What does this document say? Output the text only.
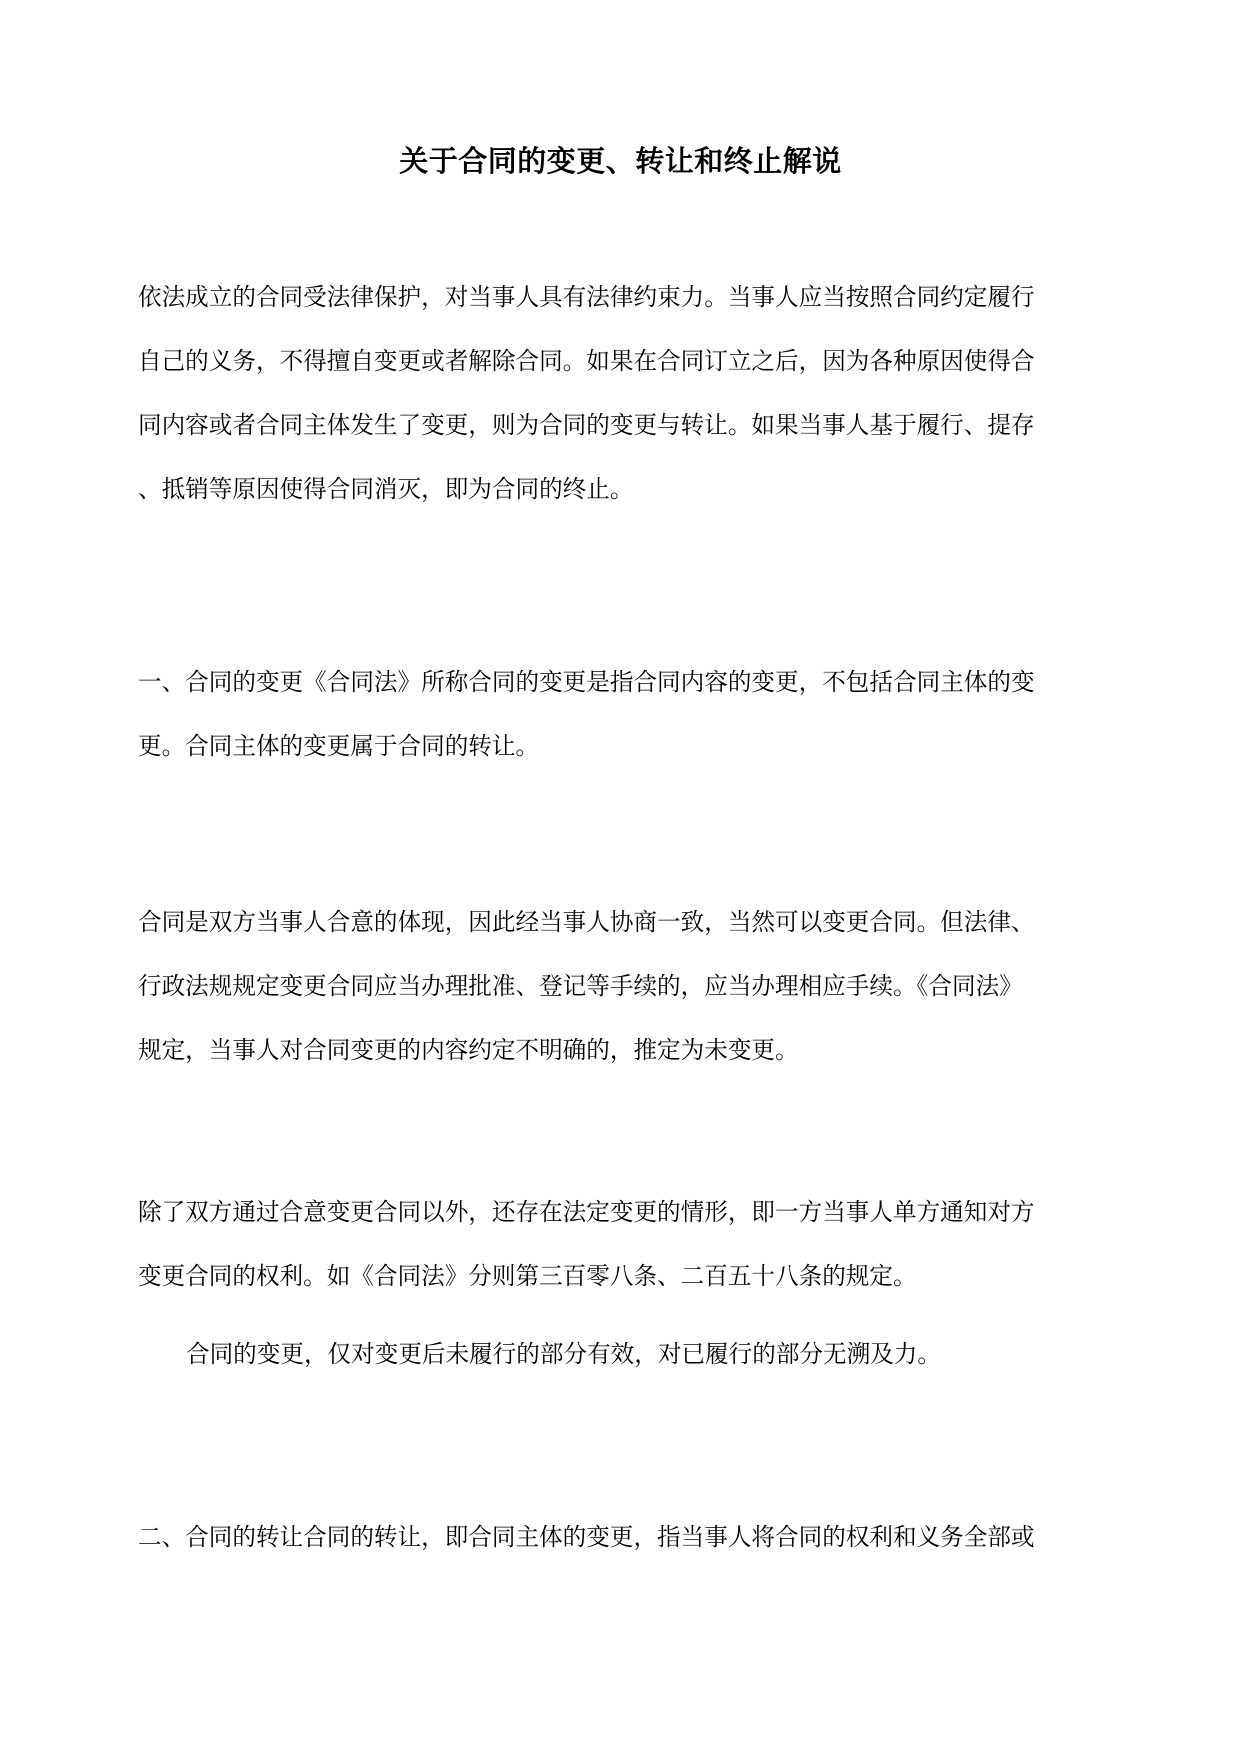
关于合同的变更、转让和终止解说
依法成立的合同受法律保护，对当事人具有法律约束力。当事人应当按照合同约定履行
自己的义务，不得擅自变更或者解除合同。如果在合同订立之后，因为各种原因使得合
同内容或者合同主体发生了变更，则为合同的变更与转让。如果当事人基于履行、提存
、抵销等原因使得合同消灭，即为合同的终止。
一、合同的变更《合同法》所称合同的变更是指合同内容的变更，不包括合同主体的变
更。合同主体的变更属于合同的转让。
合同是双方当事人合意的体现，因此经当事人协商一致，当然可以变更合同。但法律、
行政法规规定变更合同应当办理批准、登记等手续的，应当办理相应手续。《合同法》
规定，当事人对合同变更的内容约定不明确的，推定为未变更。
除了双方通过合意变更合同以外，还存在法定变更的情形，即一方当事人单方通知对方
变更合同的权利。如《合同法》分则第三百零八条、二百五十八条的规定。
合同的变更，仅对变更后未履行的部分有效，对已履行的部分无溯及力。
二、合同的转让合同的转让，即合同主体的变更，指当事人将合同的权利和义务全部或
